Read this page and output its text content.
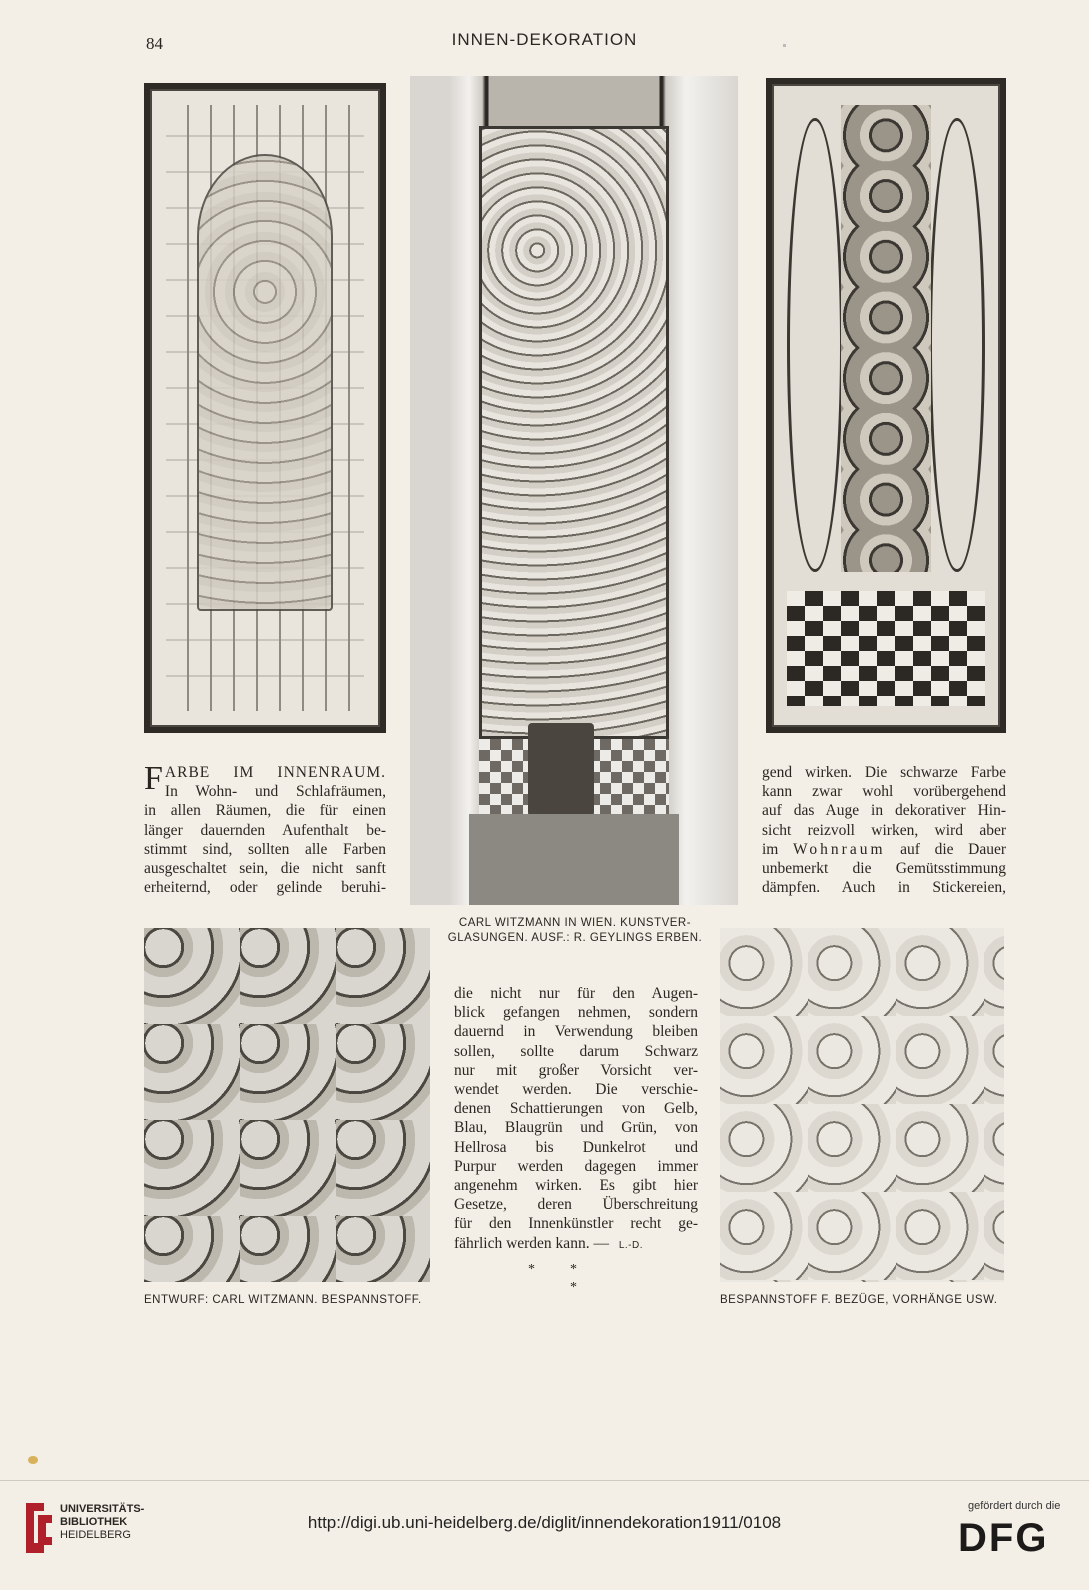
84	INNEN-DEKORATION
F ARBE IM INNENRAUM.

In Wohn- und Schlafräumen,

in allen Räumen, die für einen

länger dauernden Aufenthalt be-

stimmt sind, sollten alle Farben

ausgeschaltet sein, die nicht sanft

erheiternd, oder gelinde beruhi-

gend wirken. Die schwarze Farbe

kann zwar wohl vorübergehend

auf das Auge in dekorativer Hin-

sicht reizvoll wirken, wird aber

im Wohnraum auf die Dauer

unbemerkt die Gemütsstimmung

dämpfen. Auch in Stickereien,

CARL WITZMANN IN WIEN. KUNSTVER-
GLASUNGEN. AUSF.: R. GEYLINGS ERBEN.

die nicht nur für den Augen-

blick gefangen nehmen, sondern

dauernd in Verwendung bleiben

sollen, sollte darum Schwarz

nur mit großer Vorsicht ver-

wendet werden. Die verschie-

denen Schattierungen von Gelb,

Blau, Blaugrün und Grün, von

Hellrosa bis Dunkelrot und

Purpur werden dagegen immer

angenehm wirken. Es gibt hier

Gesetze, deren Überschreitung

für den Innenkünstler recht ge-

fährlich werden kann. — L.-D.

*          *
*
ENTWURF: CARL WITZMANN. BESPANNSTOFF.	BESPANNSTOFF F. BEZÜGE, VORHÄNGE USW.
UNIVERSITÄTS-
BIBLIOTHEK
HEIDELBERG
http://digi.ub.uni-heidelberg.de/diglit/innendekoration1911/0108
gefördert durch die
DFG
